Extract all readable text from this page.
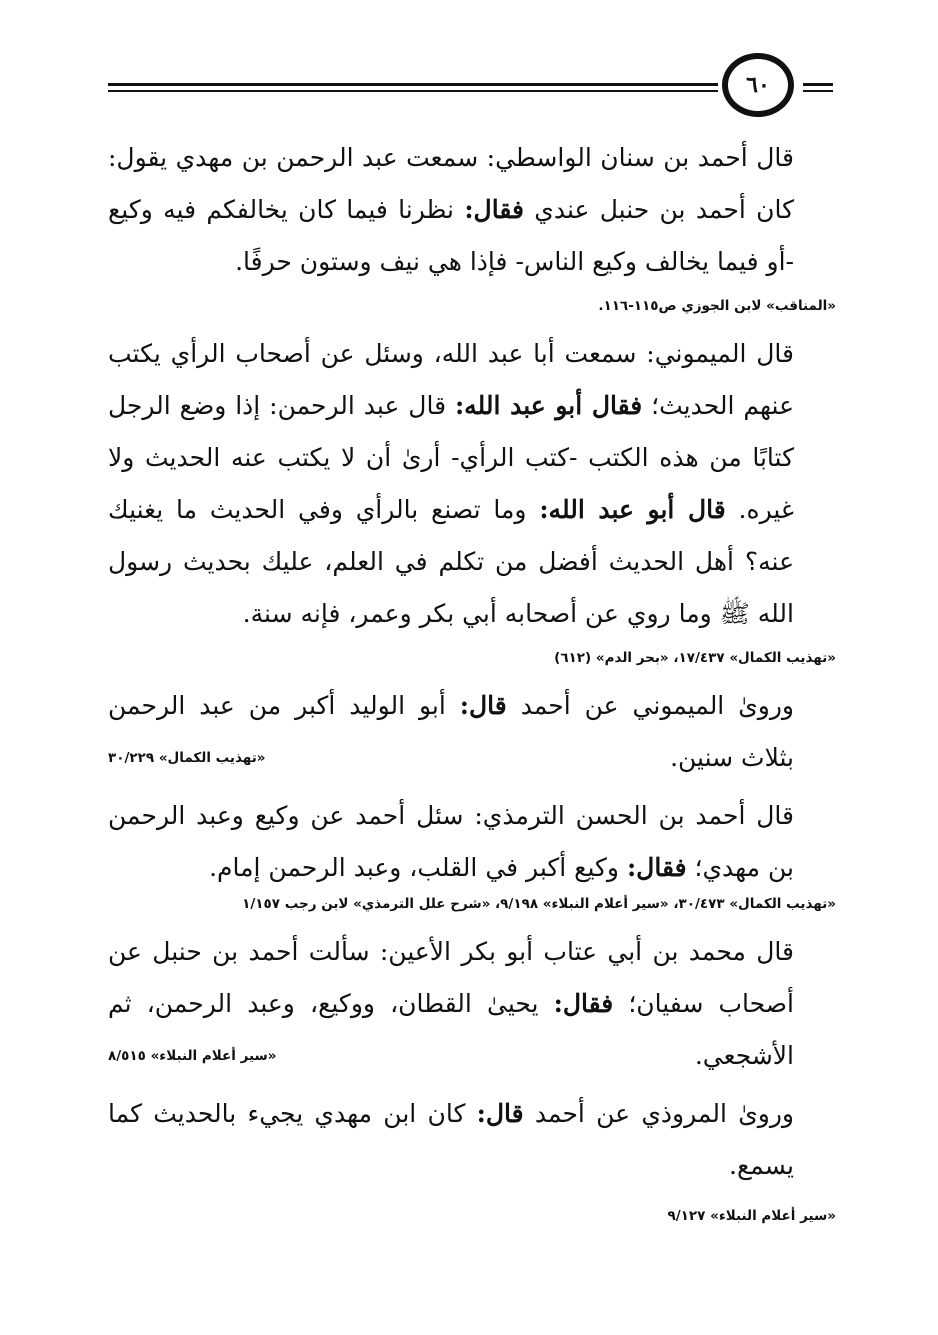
٦٠

قال أحمد بن سنان الواسطي: سمعت عبد الرحمن بن مهدي يقول: كان أحمد بن حنبل عندي فقال: نظرنا فيما كان يخالفكم فيه وكيع -أو فيما يخالف وكيع الناس- فإذا هي نيف وستون حرفًا.

«المناقب» لابن الجوزي ص١١٥-١١٦.

قال الميموني: سمعت أبا عبد الله، وسئل عن أصحاب الرأي يكتب عنهم الحديث؛ فقال أبو عبد الله: قال عبد الرحمن: إذا وضع الرجل كتابًا من هذه الكتب -كتب الرأي- أرىٰ أن لا يكتب عنه الحديث ولا غيره. قال أبو عبد الله: وما تصنع بالرأي وفي الحديث ما يغنيك عنه؟ أهل الحديث أفضل من تكلم في العلم، عليك بحديث رسول الله ﷺ وما روي عن أصحابه أبي بكر وعمر، فإنه سنة.

«تهذيب الكمال» ١٧/٤٣٧، «بحر الدم» (٦١٢)

وروىٰ الميموني عن أحمد قال: أبو الوليد أكبر من عبد الرحمن بثلاث سنين.

«تهذيب الكمال» ٣٠/٢٢٩

قال أحمد بن الحسن الترمذي: سئل أحمد عن وكيع وعبد الرحمن بن مهدي؛ فقال: وكيع أكبر في القلب، وعبد الرحمن إمام.

«تهذيب الكمال» ٣٠/٤٧٣، «سير أعلام النبلاء» ٩/١٩٨، «شرح علل الترمذي» لابن رجب ١/١٥٧

قال محمد بن أبي عتاب أبو بكر الأعين: سألت أحمد بن حنبل عن أصحاب سفيان؛ فقال: يحيىٰ القطان، ووكيع، وعبد الرحمن، ثم الأشجعي.

«سير أعلام النبلاء» ٨/٥١٥

وروىٰ المروذي عن أحمد قال: كان ابن مهدي يجيء بالحديث كما يسمع.

«سير أعلام النبلاء» ٩/١٢٧
